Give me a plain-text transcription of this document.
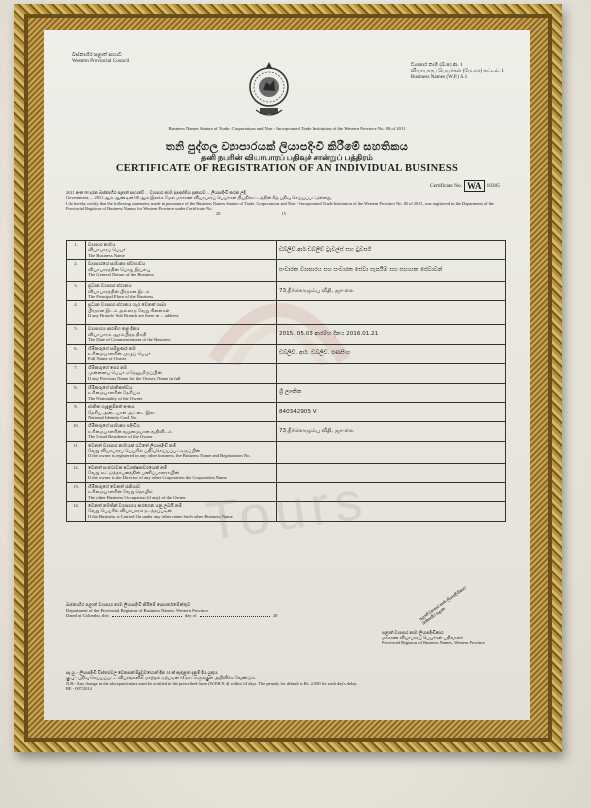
බස්නාහිර පළාත් සභාව
Western Provincial Council
ව්‍යාපාර නාම (බ.ප) ආ. 1
வியாபாரப் பெயர்கள் (மே.மா) சட்டம். 1
Business Names (W.P.) S.1
Business Names Statute of Trade, Corporations and Non - Incorporated Trade Institution of the Western Province No. 08 of 2011
තනි පුද්ගල ව්‍යාපාරයක් ලියාපදිංචි කිරීමේ සහතිකය
தனி நபரின் வியாபாரப் பதிவுச் சான்றுப் பத்திரம்
CERTIFICATE OF REGISTRATION OF AN INDIVIDUAL BUSINESS
Certificate No. WA 10305
2011 අංක 08 දරන බස්නාහිර පළාත් සභාවේ ... ව්‍යාපාර නාම ප්‍රඥප්තිය ප්‍රකාරව ... ලියාපදිංචි කරන ලදී.
Government, ... 2011 ஆம் ஆண்டின் 08 ஆம் இலக்க மேல் மாகாண வியாபாரப் பெயர்கள் நியதிச்சட்டத்தின் கீழ் பதிவு செய்யப்பட்டுள்ளது.
I do hereby certify that the following statement, made in pursuance of the Business Names Statute of Trade, Corporations and Non - Incorporated Trade Institution of the Western Province No. 05 of 2011, was registered in the Department of the Provincial Registrar of Business Names for Western Province under Certificate No.
20	15
1.	ව්‍යාපාර නාමය
வியாபாரப் பெயர்
The Business Name	ඩබ්ලිව්.ආර්.ඩබ්ලිව් ට්‍රැවල්ස් සහ ටුවර්ස්
2.	ව්‍යාපාරයේ සාමාන්‍ය ස්වභාවය
வியாபாரத்தின் பொது இயல்பு
The General Nature of the Business	සංචාරක ව්‍යාපාරය සහ සංචාරක සේවා සැපයීම සහ සහායක සේවාවන්
3.	ප්‍රධාන ව්‍යාපාර ස්ථානය
வியாபாரத்தின் பிரதான இடம்
The Principal Place of the Business	73,நீர்கொழும்பு வீதி, ஜா-எல
4.	ප්‍රධාන ව්‍යාපාර ස්ථානය හැර වෙනත් ශාඛා
பிரதான இடம் அல்லாத வேறு கிளைகள்
If any Branch/ Sub Branch are there in ... address	

5.	ව්‍යාපාරය ආරම්භ කළ දිනය
வியாபாரம் ஆரம்பித்த திகதி
The Date of Commencement of the Business	2015. 05.03 ආරම්භ දිනය 2016.01.21
6.	හිමිකරුගේ සම්පූර්ණ නම
உரிமையாளரின் முழுப் பெயர்
Full Name of Owner	ඩබ්ලිව්. ආර්. ඩබ්ලිව්. රණසිංහ
7.	හිමිකරුගේ පෙර නම
முன்னைய பெயர் ஏதேனுமிருப்பின்
If any Previous Name for the Owner, Name in full	

8.	හිමිකරුගේ ජාතිකත්වය
உரிமையாளரின் தேசியம்
The Nationality of the Owner	ශ්‍රී ලාංකික
9.	ජාතික හැඳුනුම්පත් අංකය
தேசிய அடையாள அட்டை இல.
National Identity Card No.	840342905 V
10.	හිමිකරුගේ සාමාන්‍ය පදිංචිය
உரிமையாளரின் வழமையான வதிவிடம்
The Usual Residence of the Owner	73,நீர்கொழும்பு வீதி, ஜா-எல
11.	වෙනත් ව්‍යාපාර නාමයක් යටතේ ලියාපදිංචි නම්
வேறு வியாபாரப் பெயரில் பதிவுசெய்யப்பட்டிருப்பின்
If the owner is registered in any other business, the Business Name and Registration No.	

12.	වෙනත් සංස්ථාවක අධ්‍යක්ෂකවරයෙක් නම්
வேறு கூட்டுத்தாபனத்தின் பணிப்பாளராயின்
If the owner is the Director of any other Corporation the Corporation Name	

13.	හිමිකරුගේ වෙනත් රැකියාව
உரிமையாளரின் வேறு தொழில்
The other Business Occupation (if any) of the Owner	

14.	වෙනත් නමකින් ව්‍යාපාරය කරගෙන යනු ලබයි නම්
வேறு பெயரில் வியாபாரம் நடத்தப்படின்
If the Business is Carried On under any other name Such other Business Name	

Tours
පළාත් ව්‍යාපාර නාම ලියාපදිංචිකාර බස්නාහිර පළාත
බස්නාහිර පළාත් ව්‍යාපාර නාම ලියාපදිංචි කිරීමේ දෙපාර්තමේන්තුව
Department of the Provincial Registrar of Business Names, Western Province
Dated at Colombo, this	day of	20
පළාත් ව්‍යාපාර නාම ලියාපදිංචිකාර
மாகாண வியாபாரப் பெயர்கள் பதிவாளர்
Provincial Registrar of Business Names, Western Province
සැ.යු.:- ලියාපදිංචි විස්තරවල වෙනසක් සිදුවුවහොත් දින 14 ක් ඇතුළත දැනුම් දිය යුතුය.
கு.பு:- பதிவு செய்யப்பட்ட விபரங்களில் மாற்றம் ஏற்படின் 14 நாட்களுக்குள் அறிவிக்க வேண்டும்.
N.B.- Any change in the aforeparticulars must be notified in the prescribed form (W.P.B.N 4) within 14 days. The penalty for default is Rs. 2,500 for each day's delay.
RE - 007/2014
